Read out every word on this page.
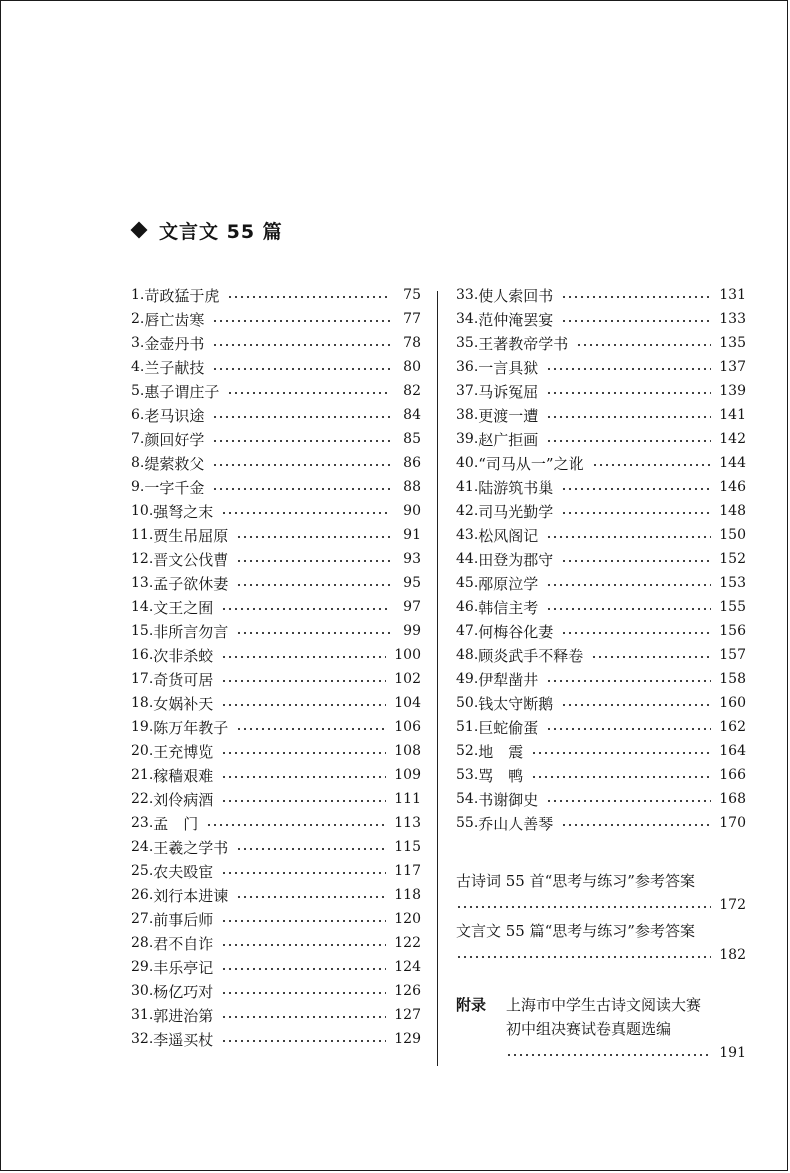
文言文 55 篇
1. 苛政猛于虎	75
2. 唇亡齿寒	77
3. 金壶丹书	78
4. 兰子献技	80
5. 惠子谓庄子	82
6. 老马识途	84
7. 颜回好学	85
8. 缇萦救父	86
9. 一字千金	88
10. 强弩之末	90
11. 贾生吊屈原	91
12. 晋文公伐曹	93
13. 孟子欲休妻	95
14. 文王之囿	97
15. 非所言勿言	99
16. 次非杀蛟	100
17. 奇货可居	102
18. 女娲补天	104
19. 陈万年教子	106
20. 王充博览	108
21. 稼穑艰难	109
22. 刘伶病酒	111
23. 孟　门	113
24. 王羲之学书	115
25. 农夫殴宦	117
26. 刘行本进谏	118
27. 前事后师	120
28. 君不自诈	122
29. 丰乐亭记	124
30. 杨亿巧对	126
31. 郭进治第	127
32. 李遥买杖	129
33. 使人索回书	131
34. 范仲淹罢宴	133
35. 王著教帝学书	135
36. 一言具狱	137
37. 马诉冤屈	139
38. 更渡一遭	141
39. 赵广拒画	142
40. “司马从一”之讹	144
41. 陆游筑书巢	146
42. 司马光勤学	148
43. 松风阁记	150
44. 田登为郡守	152
45. 邴原泣学	153
46. 韩信主考	155
47. 何梅谷化妻	156
48. 顾炎武手不释卷	157
49. 伊犁凿井	158
50. 钱太守断鹅	160
51. 巨蛇偷蛋	162
52. 地　震	164
53. 骂　鸭	166
54. 书谢御史	168
55. 乔山人善琴	170
古诗词 55 首“思考与练习”参考答案
172
文言文 55 篇“思考与练习”参考答案
182
附录	上海市中学生古诗文阅读大赛
初中组决赛试卷真题选编
191
